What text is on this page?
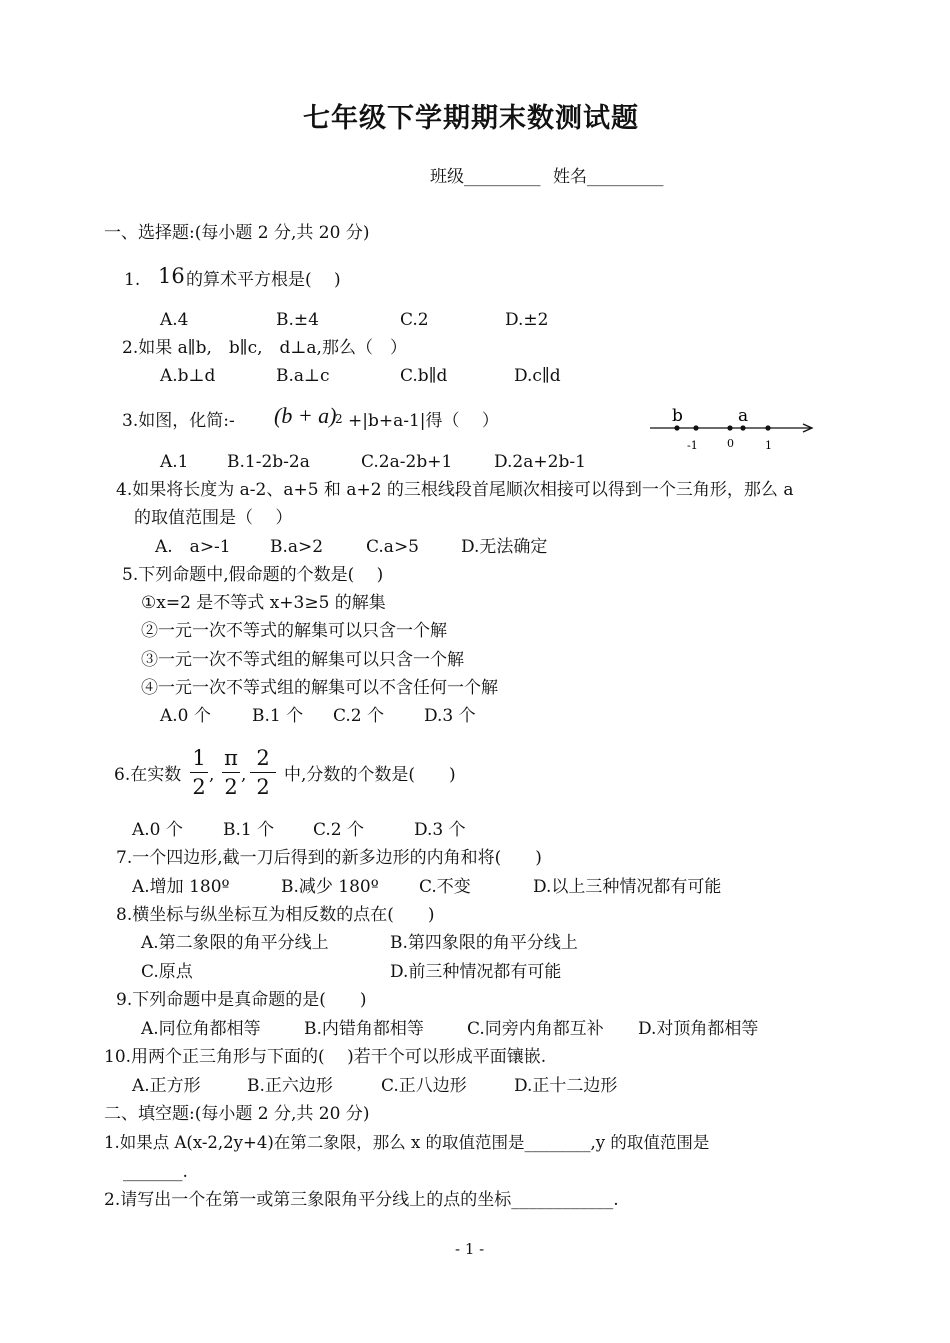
七年级下学期期末数测试题
班级_________ 姓名_________
一、选择题:(每小题 2 分,共 20 分)
1. 16 的算术平方根是(　 )
A.4	B.±4	C.2	D.±2
2.如果 a∥b,　b∥c,　d⊥a,那么（　）
A.b⊥d	B.a⊥c	C.b∥d	D.c∥d
3.如图，化简:- (b + a)
2 +|b+a-1|得（　 ）	b	a
-1	0	1
A.1 B.1-2b-2a	C.2a-2b+1 D.2a+2b-1
4.如果将长度为 a-2、a+5 和 a+2 的三根线段首尾顺次相接可以得到一个三角形，那么 a
的取值范围是（　 ）
A.　a>-1 B.a>2	C.a>5 D.无法确定
5.下列命题中,假命题的个数是(　 )
①x=2 是不等式 x+3≥5 的解集
②一元一次不等式的解集可以只含一个解
③一元一次不等式组的解集可以只含一个解
④一元一次不等式组的解集可以不含任何一个解
A.0 个 B.1 个 C.2 个 D.3 个
6.在实数
1
2 ,
π
2 ,
2
2 中,分数的个数是(　　)
A.0 个 B.1 个 C.2 个	D.3 个
7.一个四边形,截一刀后得到的新多边形的内角和将(　　)
A.增加 180º	B.减少 180º C.不变	D.以上三种情况都有可能
8.横坐标与纵坐标互为相反数的点在(　　)
A.第二象限的角平分线上	B.第四象限的角平分线上
C.原点	D.前三种情况都有可能
9.下列命题中是真命题的是(　　)
A.同位角都相等	B.内错角都相等	C.同旁内角都互补 D.对顶角都相等
10.用两个正三角形与下面的(　 )若干个可以形成平面镶嵌.
A.正方形	B.正六边形	C.正八边形	D.正十二边形
二、填空题:(每小题 2 分,共 20 分)
1.如果点 A(x-2,2y+4)在第二象限，那么 x 的取值范围是________,y 的取值范围是
_______.
2.请写出一个在第一或第三象限角平分线上的点的坐标____________.
- 1 -
